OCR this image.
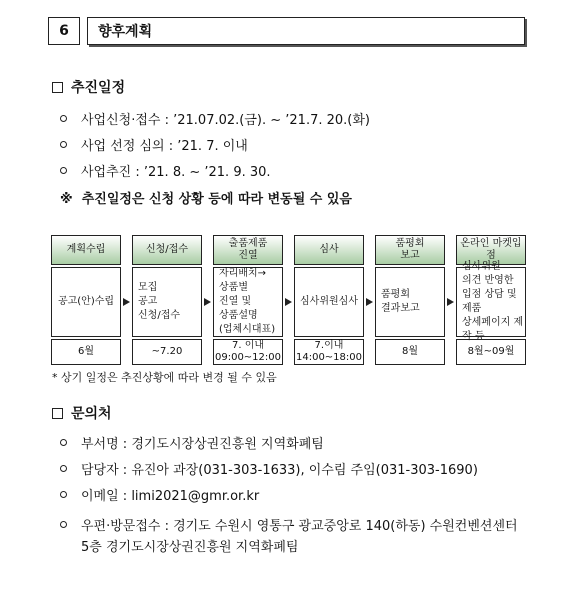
6	향후계획
추진일정
사업신청·접수 : ’21.07.02.(금). ~ ’21.7. 20.(화)
사업 선정 심의 : ’21. 7. 이내
사업추진 : ’21. 8. ~ ’21. 9. 30.
※ 추진일정은 신청 상황 등에 따라 변동될 수 있음
계획수립
공고(안)수립
6월
신청/접수
모집
공고
신청/접수
~7.20
출품제품
진열
자리배치→
상품별
진열 및
상품설명
(업체시대표)
7. 이내
09:00~12:00
심사
심사위원심사
7.이내
14:00~18:00
품평회
보고
품평회
결과보고
8월
온라인 마켓입점
심사위원
의견 반영한
입점 상담 및 제품
상세페이지 제작 등
8월~09월
* 상기 일정은 추진상황에 따라 변경 될 수 있음
문의처
부서명 : 경기도시장상권진흥원 지역화폐팀
담당자 : 유진아 과장(031-303-1633), 이수림 주임(031-303-1690)
이메일 : limi2021@gmr.or.kr
우편·방문접수 : 경기도 수원시 영통구 광교중앙로 140(하동) 수원컨벤션센터
5층 경기도시장상권진흥원 지역화폐팀
